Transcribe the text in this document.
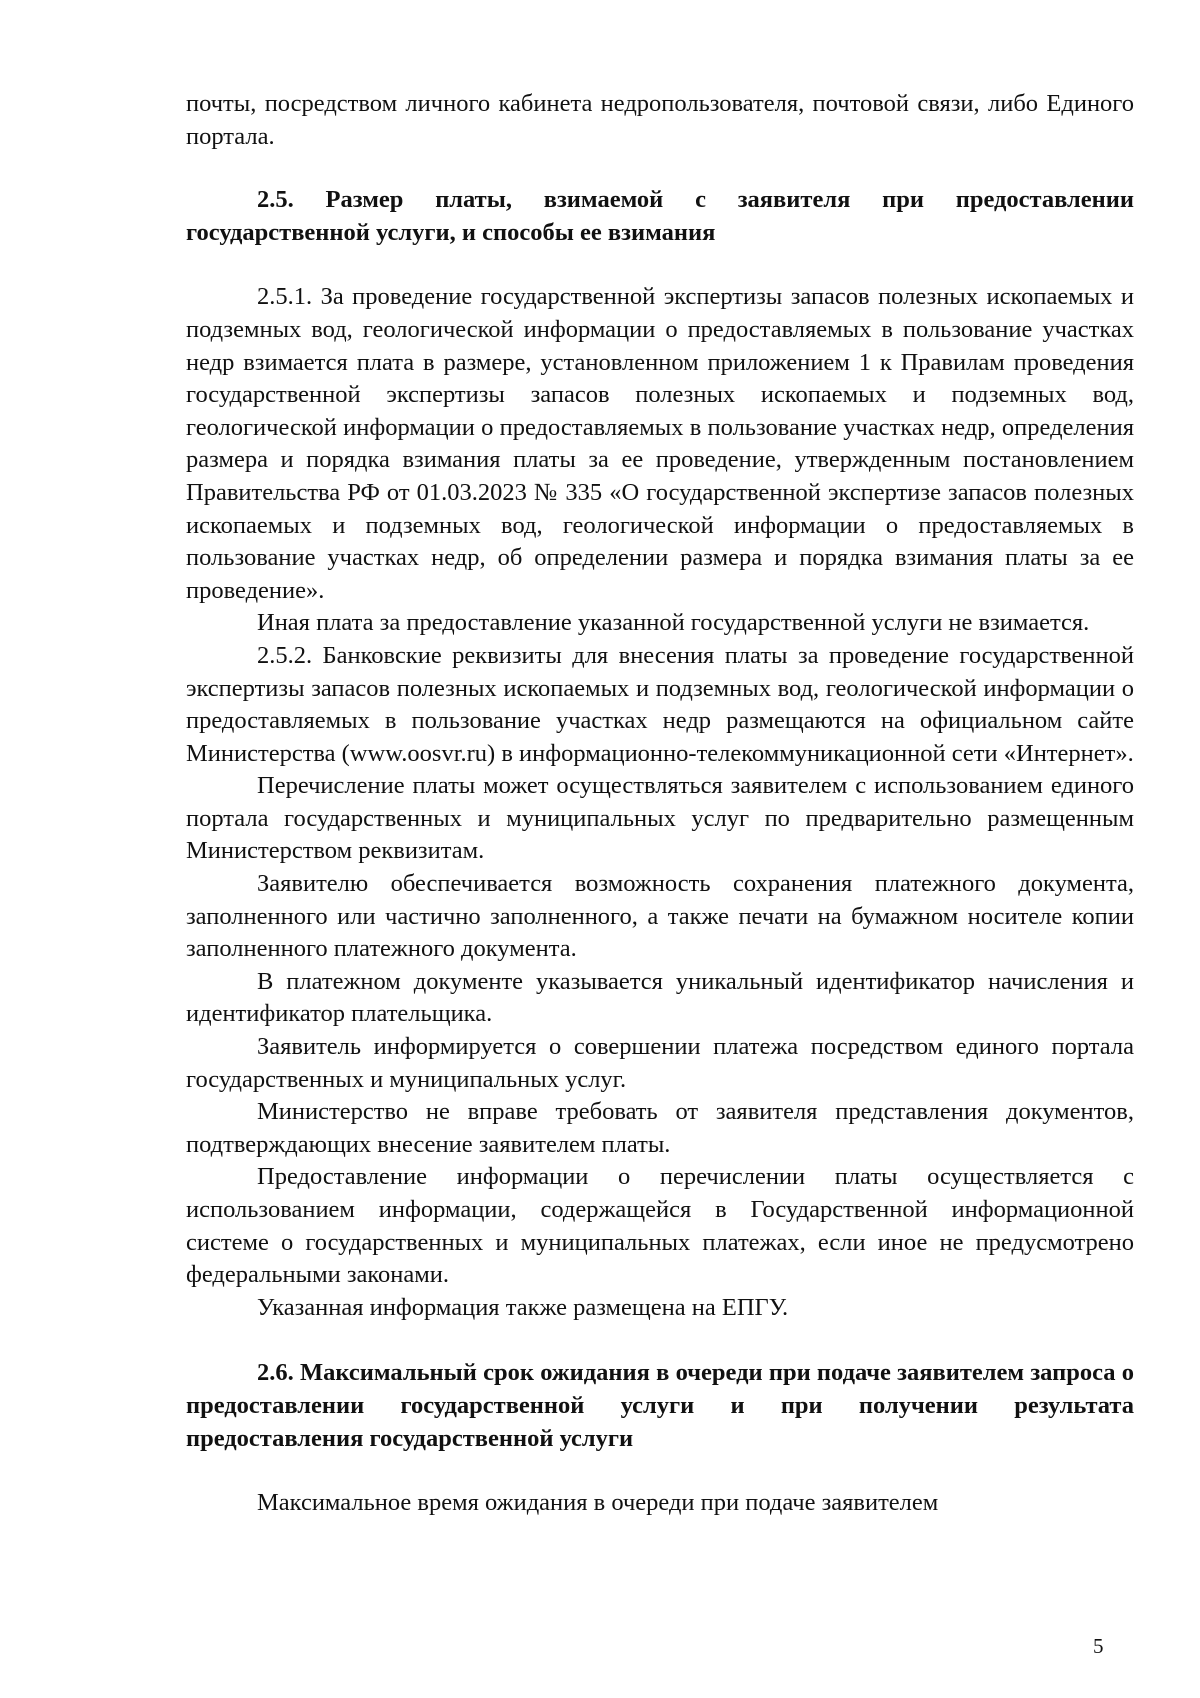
почты, посредством личного кабинета недропользователя, почтовой связи, либо Единого портала.

2.5. Размер платы, взимаемой с заявителя при предоставлении государственной услуги, и способы ее взимания

2.5.1. За проведение государственной экспертизы запасов полезных ископаемых и подземных вод, геологической информации о предоставляемых в пользование участках недр взимается плата в размере, установленном приложением 1 к Правилам проведения государственной экспертизы запасов полезных ископаемых и подземных вод, геологической информации о предоставляемых в пользование участках недр, определения размера и порядка взимания платы за ее проведение, утвержденным постановлением Правительства РФ от 01.03.2023 № 335 «О государственной экспертизе запасов полезных ископаемых и подземных вод, геологической информации о предоставляемых в пользование участках недр, об определении размера и порядка взимания платы за ее проведение».

Иная плата за предоставление указанной государственной услуги не взимается.

2.5.2. Банковские реквизиты для внесения платы за проведение государственной экспертизы запасов полезных ископаемых и подземных вод, геологической информации о предоставляемых в пользование участках недр размещаются на официальном сайте Министерства (www.oosvr.ru) в информационно-телекоммуникационной сети «Интернет».

Перечисление платы может осуществляться заявителем с использованием единого портала государственных и муниципальных услуг по предварительно размещенным Министерством реквизитам.

Заявителю обеспечивается возможность сохранения платежного документа, заполненного или частично заполненного, а также печати на бумажном носителе копии заполненного платежного документа.

В платежном документе указывается уникальный идентификатор начисления и идентификатор плательщика.

Заявитель информируется о совершении платежа посредством единого портала государственных и муниципальных услуг.

Министерство не вправе требовать от заявителя представления документов, подтверждающих внесение заявителем платы.

Предоставление информации о перечислении платы осуществляется с использованием информации, содержащейся в Государственной информационной системе о государственных и муниципальных платежах, если иное не предусмотрено федеральными законами.

Указанная информация также размещена на ЕПГУ.

2.6. Максимальный срок ожидания в очереди при подаче заявителем запроса о предоставлении государственной услуги и при получении результата предоставления государственной услуги

Максимальное время ожидания в очереди при подаче заявителем

5
